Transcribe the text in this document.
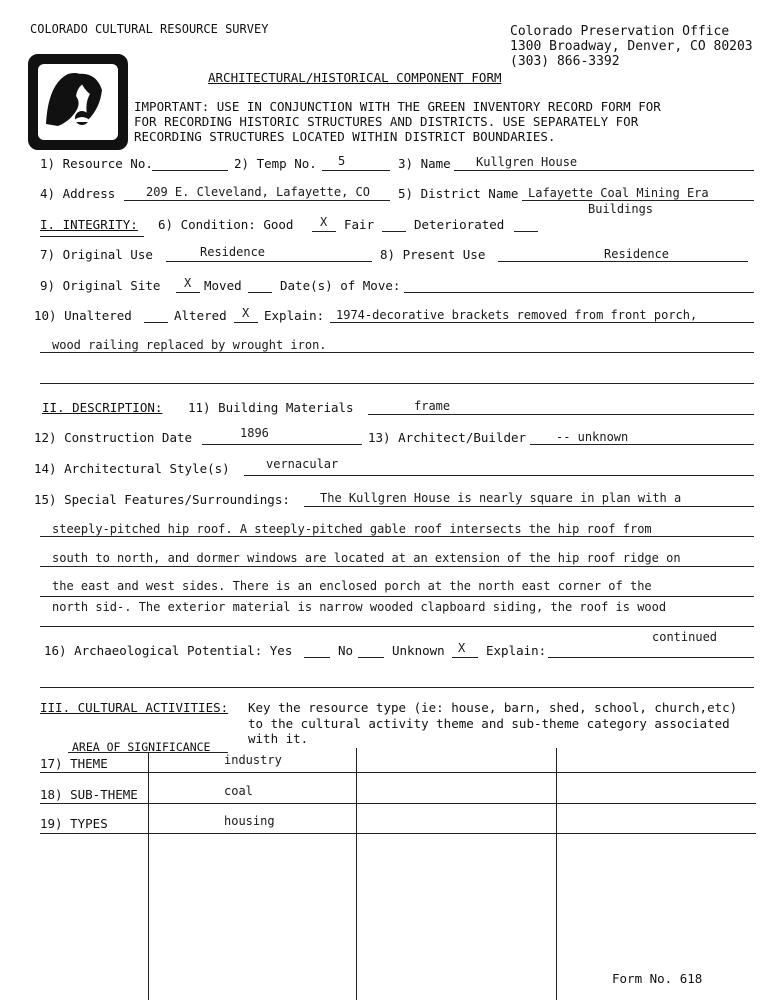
COLORADO CULTURAL RESOURCE SURVEY	Colorado Preservation Office
1300 Broadway, Denver, CO 80203
(303) 866-3392
ARCHITECTURAL/HISTORICAL COMPONENT FORM
IMPORTANT: USE IN CONJUNCTION WITH THE GREEN INVENTORY RECORD FORM FOR
FOR RECORDING HISTORIC STRUCTURES AND DISTRICTS. USE SEPARATELY FOR
RECORDING STRUCTURES LOCATED WITHIN DISTRICT BOUNDARIES.
1) Resource No.	2) Temp No. 5	3) Name Kullgren House
4) Address	209 E. Cleveland, Lafayette, CO 5) District Name Lafayette Coal Mining Era
Buildings
I. INTEGRITY: 6) Condition: Good X Fair	Deteriorated
7) Original Use	Residence	8) Present Use	Residence
9) Original Site X Moved	Date(s) of Move:
10) Unaltered	Altered X Explain: 1974-decorative brackets removed from front porch,
wood railing replaced by wrought iron.
II. DESCRIPTION: 11) Building Materials	frame
12) Construction Date	1896	13) Architect/Builder -- unknown
14) Architectural Style(s)	vernacular
15) Special Features/Surroundings:	The Kullgren House is nearly square in plan with a
steeply-pitched hip roof. A steeply-pitched gable roof intersects the hip roof from
south to north, and dormer windows are located at an extension of the hip roof ridge on
the east and west sides. There is an enclosed porch at the north east corner of the
north sid-. The exterior material is narrow wooded clapboard siding, the roof is wood
continued
16) Archaeological Potential: Yes	No	Unknown X Explain:
III. CULTURAL ACTIVITIES: Key the resource type (ie: house, barn, shed, school, church,etc)
to the cultural activity theme and sub-theme category associated
with it.
AREA OF SIGNIFICANCE
17) THEME	industry
18) SUB-THEME	coal
19) TYPES	housing
Form No. 618
